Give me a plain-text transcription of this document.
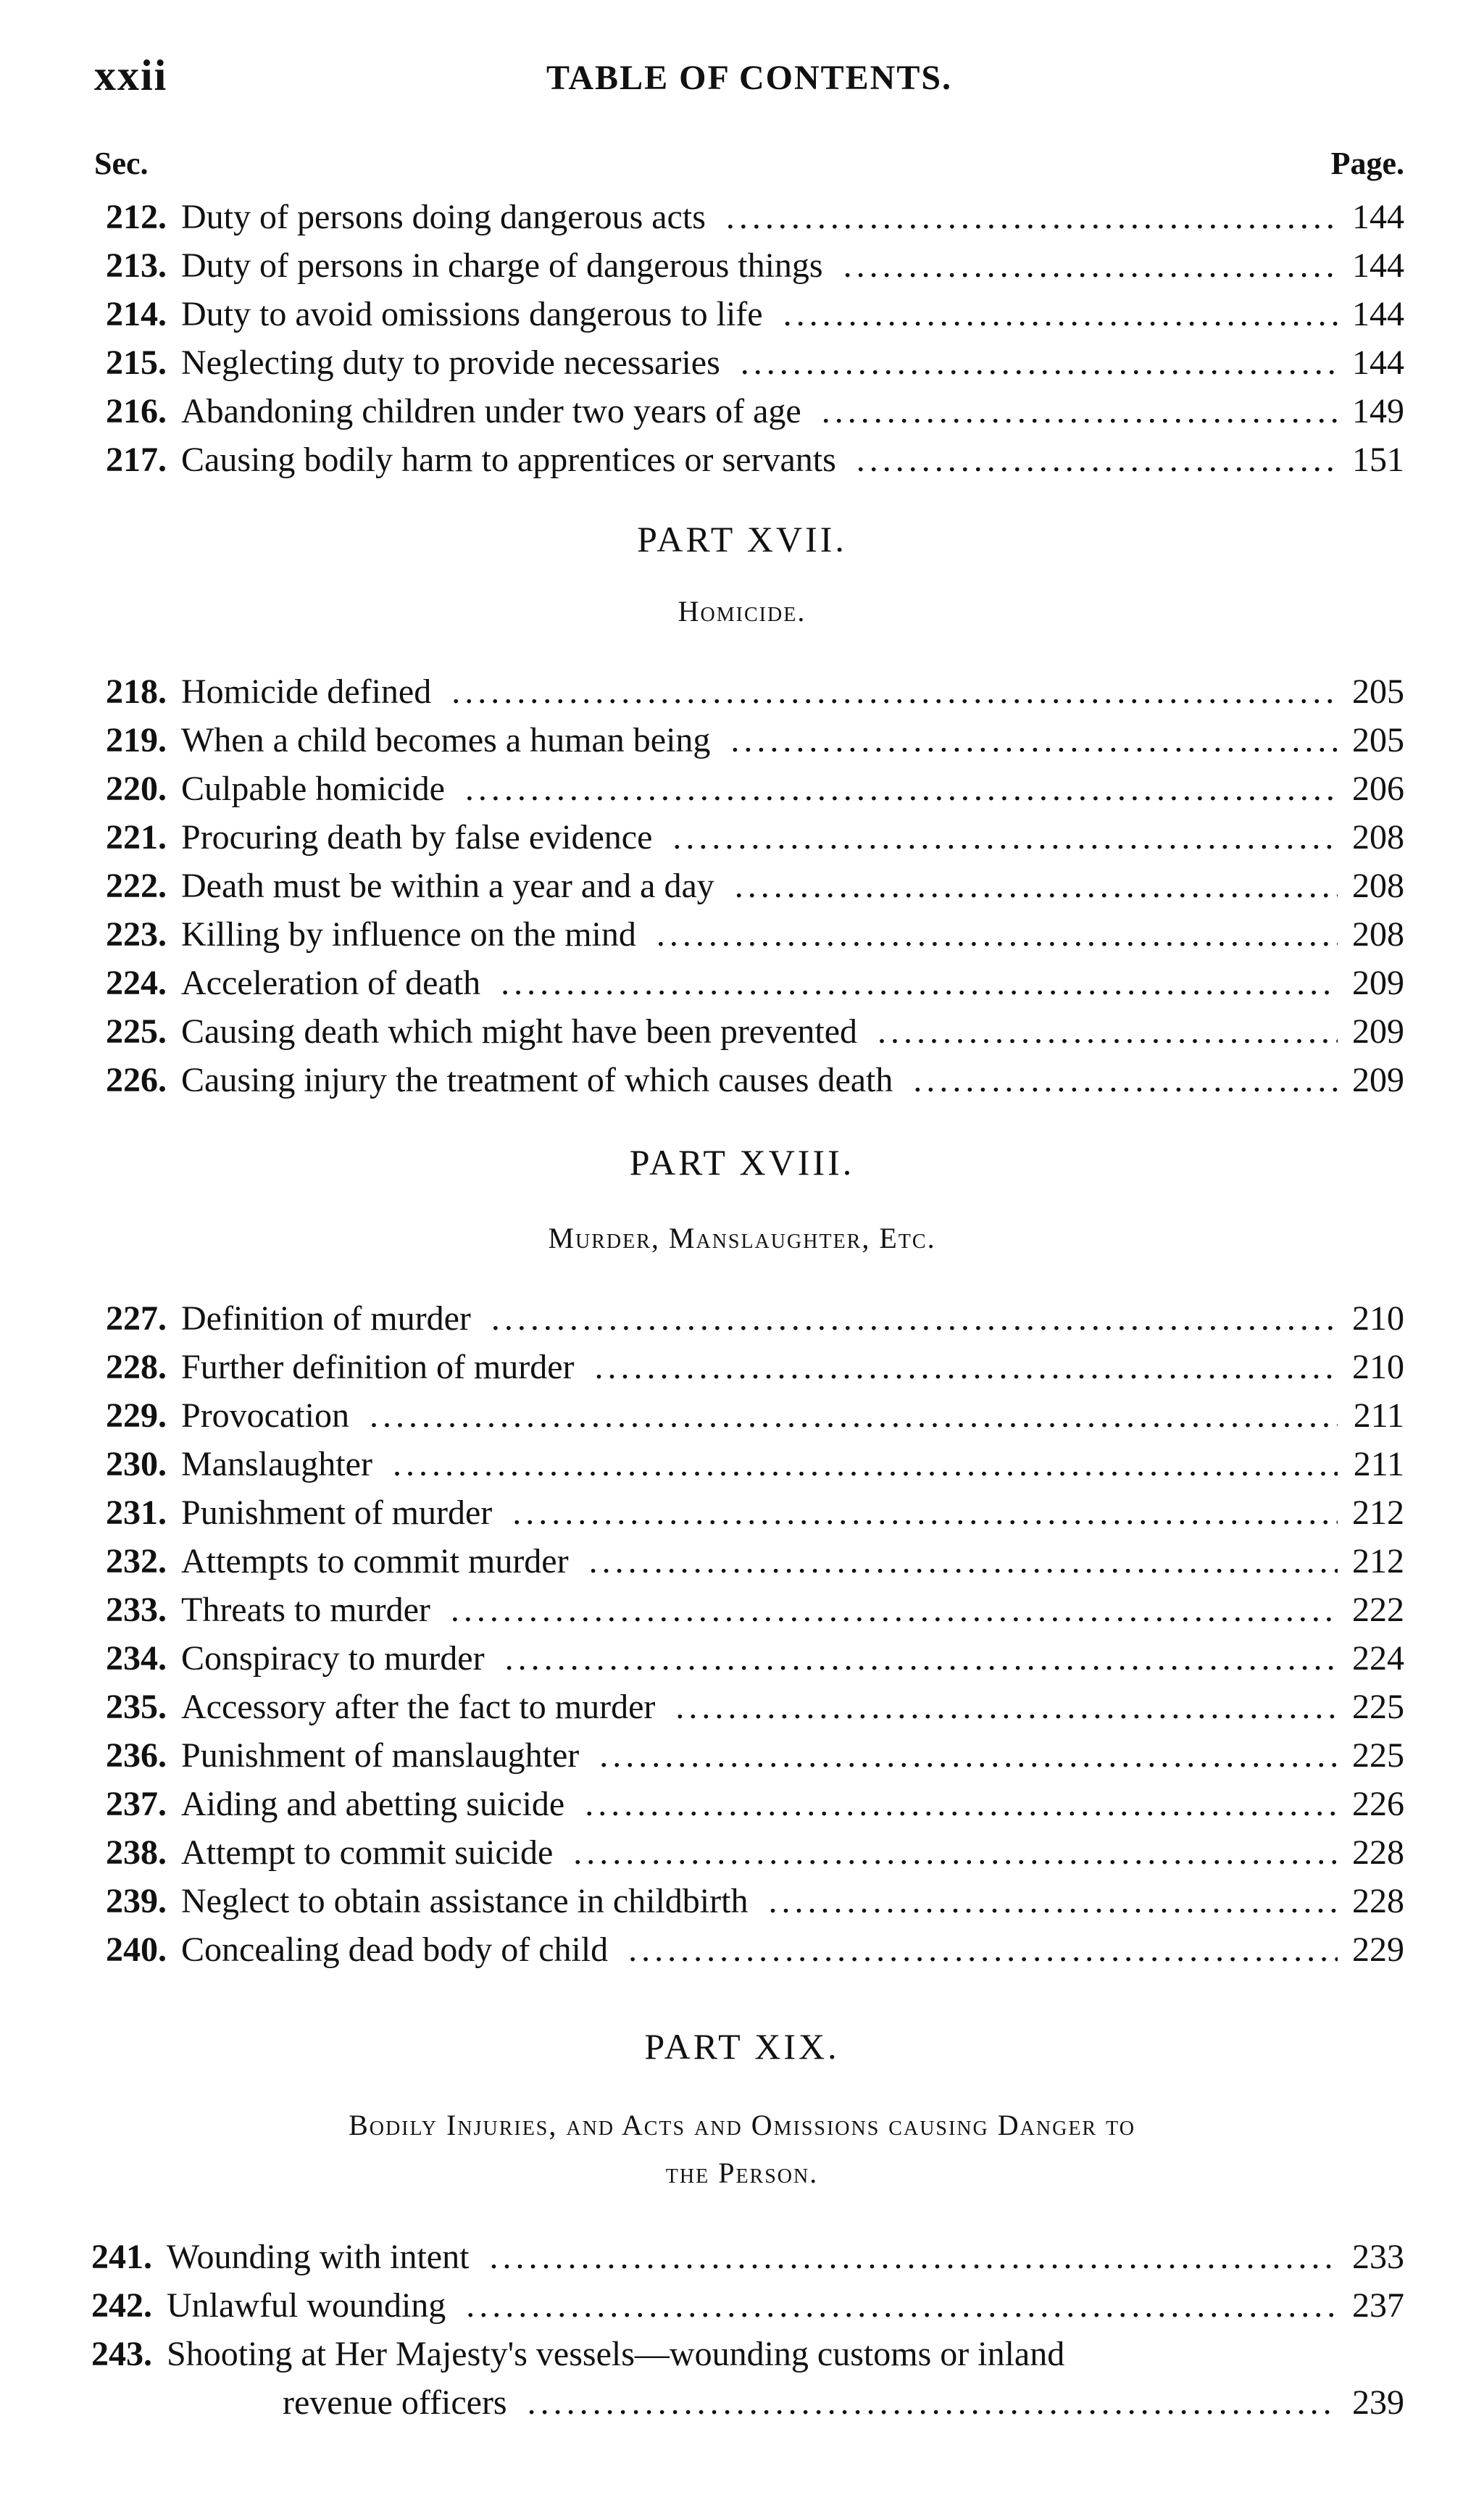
xxii	TABLE OF CONTENTS.
Sec.	Page.
212. Duty of persons doing dangerous acts .....	144
213. Duty of persons in charge of dangerous things .....	144
214. Duty to avoid omissions dangerous to life .....	144
215. Neglecting duty to provide necessaries .....	144
216. Abandoning children under two years of age .....	149
217. Causing bodily harm to apprentices or servants .....	151
PART XVII.
Homicide.
218. Homicide defined .....	205
219. When a child becomes a human being .....	205
220. Culpable homicide .....	206
221. Procuring death by false evidence .....	208
222. Death must be within a year and a day .....	208
223. Killing by influence on the mind .....	208
224. Acceleration of death .....	209
225. Causing death which might have been prevented .....	209
226. Causing injury the treatment of which causes death .....	209
PART XVIII.
Murder, Manslaughter, Etc.
227. Definition of murder .....	210
228. Further definition of murder .....	210
229. Provocation .....	211
230. Manslaughter .....	211
231. Punishment of murder .....	212
232. Attempts to commit murder .....	212
233. Threats to murder .....	222
234. Conspiracy to murder .....	224
235. Accessory after the fact to murder .....	225
236. Punishment of manslaughter .....	225
237. Aiding and abetting suicide .....	226
238. Attempt to commit suicide .....	228
239. Neglect to obtain assistance in childbirth .....	228
240. Concealing dead body of child .....	229
PART XIX.
Bodily Injuries, and Acts and Omissions causing Danger to
the Person.
241. Wounding with intent .....	233
242. Unlawful wounding .....	237
243. Shooting at Her Majesty's vessels—wounding customs or inland
revenue officers .....	239
